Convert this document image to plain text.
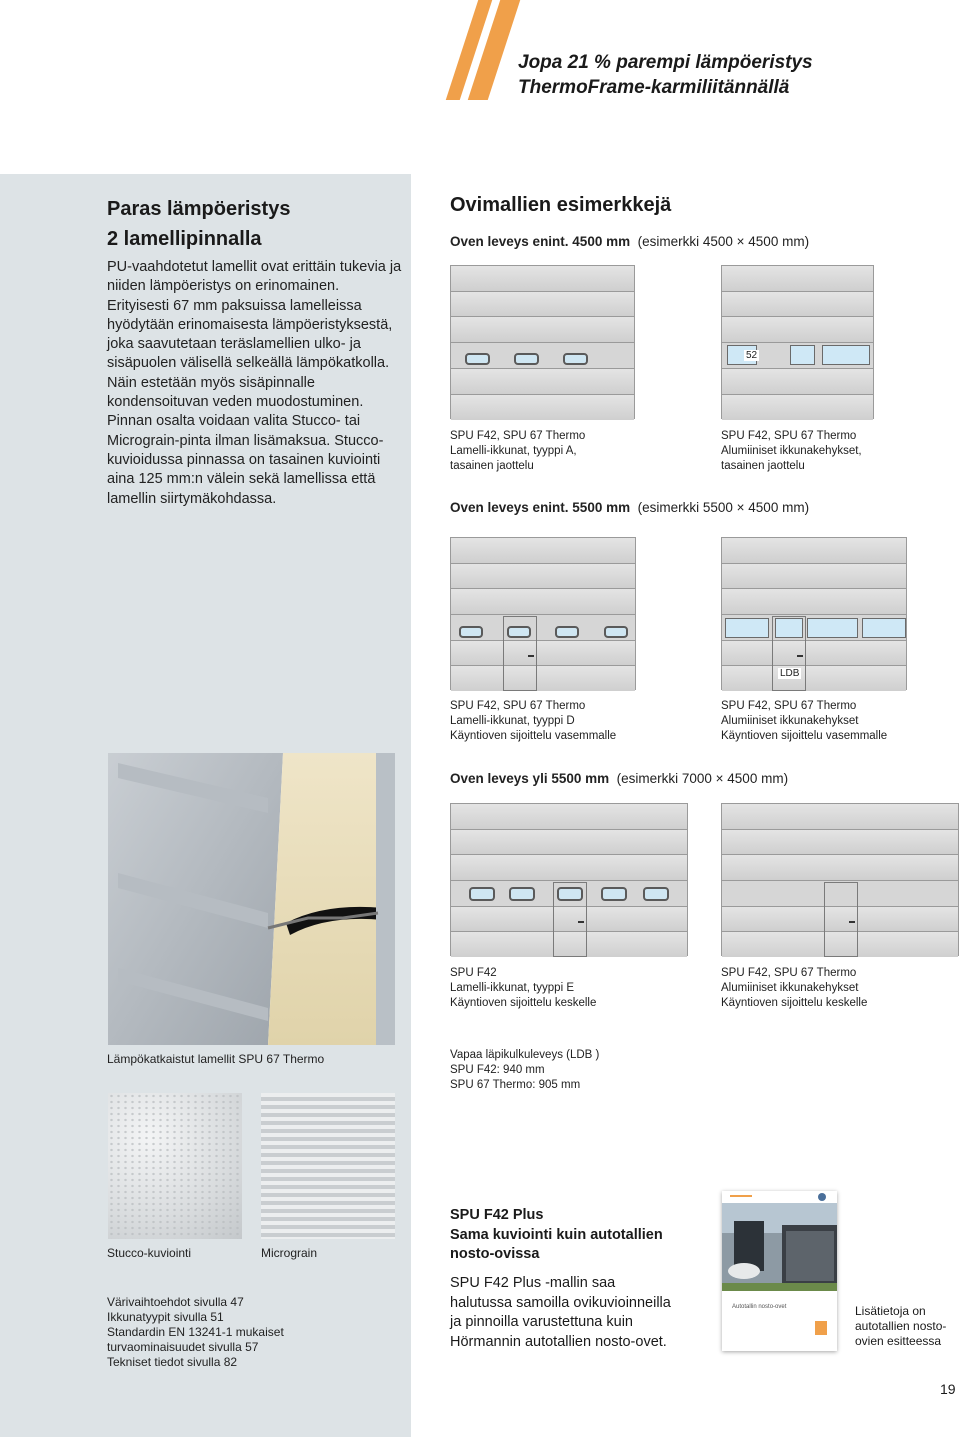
Jopa 21 % parempi lämpöeristys
ThermoFrame-karmiliitännällä
Paras lämpöeristys
2 lamellipinnalla
PU-vaahdotetut lamellit ovat erittäin tukevia ja niiden lämpöeristys on erinomainen. Erityisesti 67 mm paksuissa lamelleissa hyödytään erinomaisesta lämpöeristyksestä, joka saavutetaan teräslamellien ulko- ja sisäpuolen välisellä selkeällä lämpökatkolla. Näin estetään myös sisäpinnalle kondensoituvan veden muodostuminen. Pinnan osalta voidaan valita Stucco- tai Micrograin-pinta ilman lisämaksua. Stucco-kuvioidussa pinnassa on tasainen kuviointi aina 125 mm:n välein sekä lamellissa että lamellin siirtymäkohdassa.
Ovimallien esimerkkejä
Oven leveys enint. 4500 mm (esimerkki 4500 × 4500 mm)
52
SPU F42, SPU 67 Thermo
Lamelli-ikkunat, tyyppi A,
tasainen jaottelu
SPU F42, SPU 67 Thermo
Alumiiniset ikkunakehykset,
tasainen jaottelu
Oven leveys enint. 5500 mm (esimerkki 5500 × 4500 mm)
LDB
SPU F42, SPU 67 Thermo
Lamelli-ikkunat, tyyppi D
Käyntioven sijoittelu vasemmalle
SPU F42, SPU 67 Thermo
Alumiiniset ikkunakehykset
Käyntioven sijoittelu vasemmalle
Oven leveys yli 5500 mm (esimerkki 7000 × 4500 mm)
SPU F42
Lamelli-ikkunat, tyyppi E
Käyntioven sijoittelu keskelle
SPU F42, SPU 67 Thermo
Alumiiniset ikkunakehykset
Käyntioven sijoittelu keskelle
Vapaa läpikulkuleveys (LDB )
SPU F42: 940 mm
SPU 67 Thermo: 905 mm
Lämpökatkaistut lamellit SPU 67 Thermo
Stucco-kuviointi	Micrograin
Värivaihtoehdot sivulla 47
Ikkunatyypit sivulla 51
Standardin EN 13241-1 mukaiset
turvaominaisuudet sivulla 57
Tekniset tiedot sivulla 82
SPU F42 Plus
Sama kuviointi kuin autotallien
nosto-ovissa
SPU F42 Plus -mallin saa
halutussa samoilla ovikuvioinneilla
ja pinnoilla varustettuna kuin
Hörmannin autotallien nosto-ovet.
Autotallin nosto-ovet	Lisätietoja on
autotallien nosto-
ovien esitteessa
19
